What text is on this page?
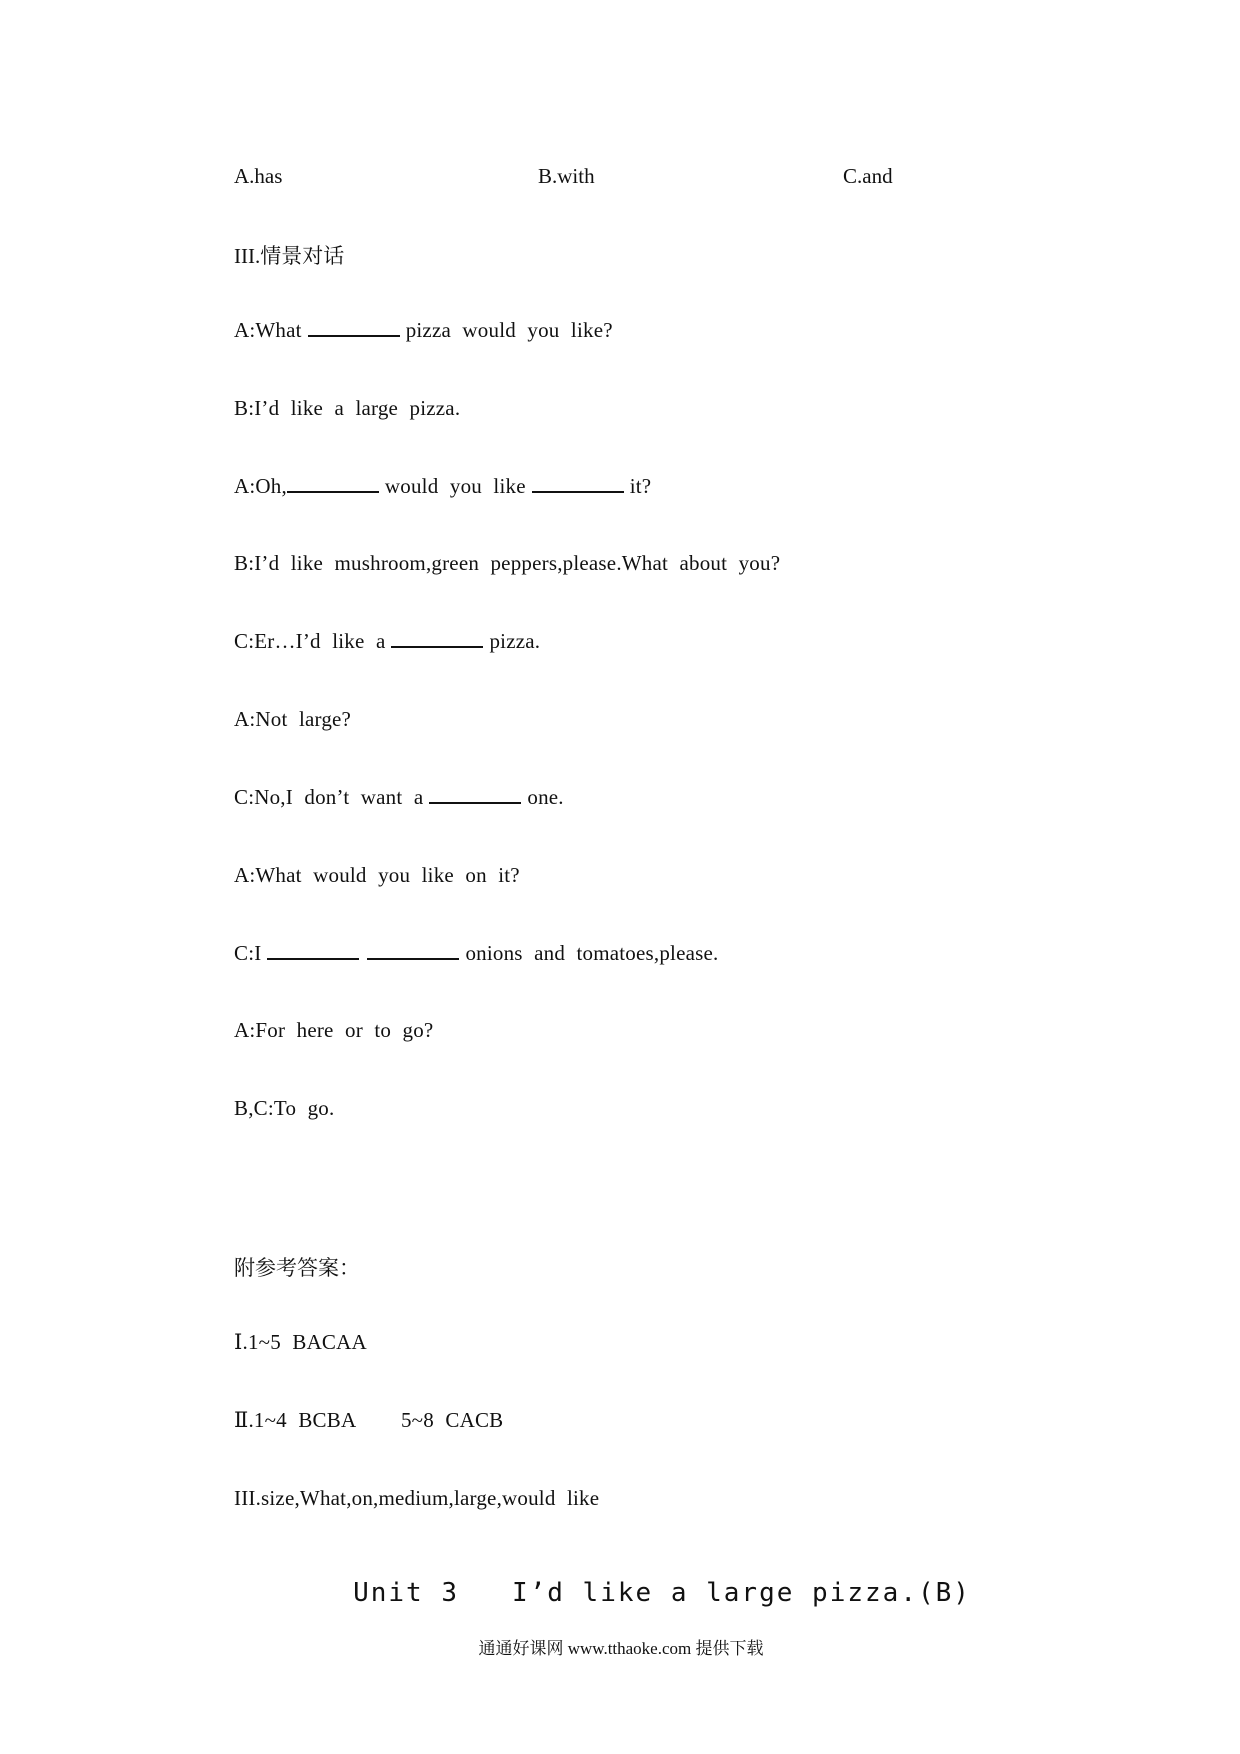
A.has	B.with	C.and
III.情景对话
A:What	pizza would you like?
B:I’d like a large pizza.
A:Oh,	would you like	it?
B:I’d like mushroom,green peppers,please.What about you?
C:Er…I’d like a	pizza.
A:Not large?
C:No,I don’t want a	one.
A:What would you like on it?
C:I	onions and tomatoes,please.
A:For here or to go?
B,C:To go.
附参考答案：
Ⅰ.1~5 BACAA
Ⅱ.1~4 BCBA    5~8 CACB
III.size,What,on,medium,large,would like
Unit 3   I’d like a large pizza.(B)
通通好课网 www.tthaoke.com 提供下载
